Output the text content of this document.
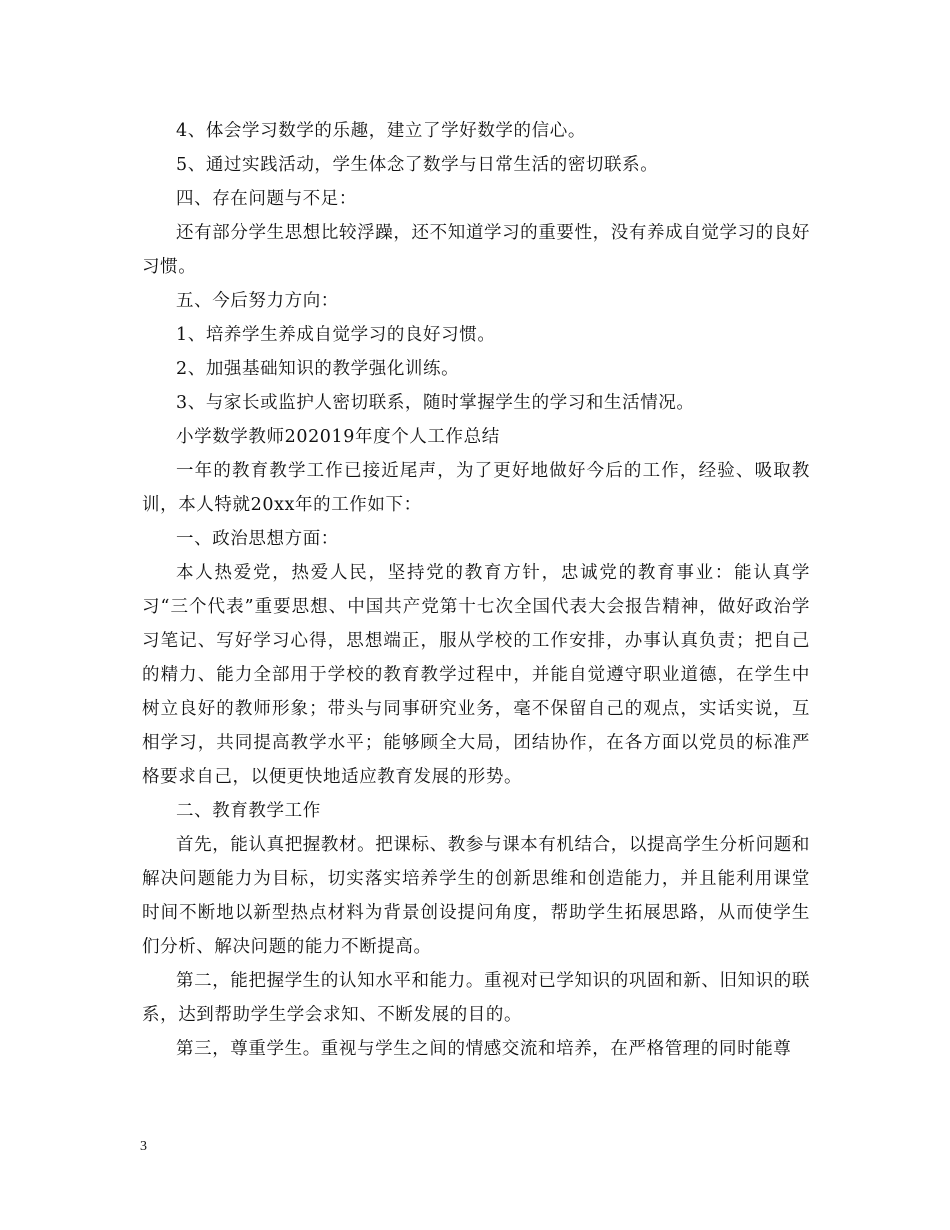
4、体会学习数学的乐趣，建立了学好数学的信心。

5、通过实践活动，学生体念了数学与日常生活的密切联系。

四、存在问题与不足：

还有部分学生思想比较浮躁，还不知道学习的重要性，没有养成自觉学习的良好习惯。

五、今后努力方向：

1、培养学生养成自觉学习的良好习惯。

2、加强基础知识的教学强化训练。

3、与家长或监护人密切联系，随时掌握学生的学习和生活情况。

小学数学教师202019年度个人工作总结

一年的教育教学工作已接近尾声，为了更好地做好今后的工作，经验、吸取教训，本人特就20xx年的工作如下：

一、政治思想方面：

本人热爱党，热爱人民，坚持党的教育方针，忠诚党的教育事业：能认真学习“三个代表”重要思想、中国共产党第十七次全国代表大会报告精神，做好政治学习笔记、写好学习心得，思想端正，服从学校的工作安排，办事认真负责；把自己的精力、能力全部用于学校的教育教学过程中，并能自觉遵守职业道德，在学生中树立良好的教师形象；带头与同事研究业务，毫不保留自己的观点，实话实说，互相学习，共同提高教学水平；能够顾全大局，团结协作，在各方面以党员的标准严格要求自己，以便更快地适应教育发展的形势。

二、教育教学工作

首先，能认真把握教材。把课标、教参与课本有机结合，以提高学生分析问题和解决问题能力为目标，切实落实培养学生的创新思维和创造能力，并且能利用课堂时间不断地以新型热点材料为背景创设提问角度，帮助学生拓展思路，从而使学生们分析、解决问题的能力不断提高。

第二，能把握学生的认知水平和能力。重视对已学知识的巩固和新、旧知识的联系，达到帮助学生学会求知、不断发展的目的。

第三，尊重学生。重视与学生之间的情感交流和培养，在严格管理的同时能尊

3
